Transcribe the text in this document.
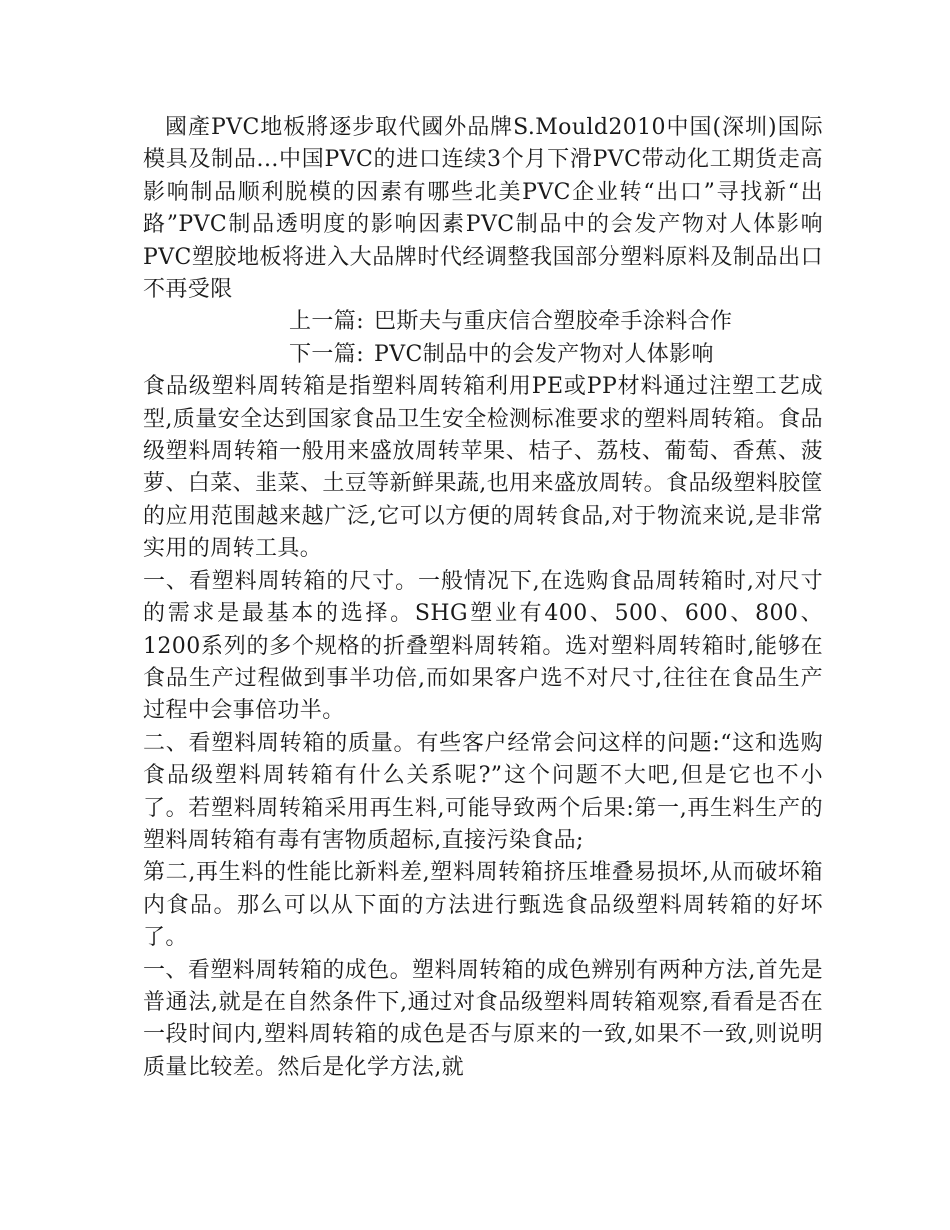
國產PVC地板將逐步取代國外品牌S.Mould2010中国(深圳)国际模具及制品...中国PVC的进口连续3个月下滑PVC带动化工期货走高影响制品顺利脱模的因素有哪些北美PVC企业转“出口”寻找新“出路”PVC制品透明度的影响因素PVC制品中的会发产物对人体影响PVC塑胶地板将进入大品牌时代经调整我国部分塑料原料及制品出口不再受限

上一篇: 巴斯夫与重庆信合塑胶牵手涂料合作

下一篇: PVC制品中的会发产物对人体影响

食品级塑料周转箱是指塑料周转箱利用PE或PP材料通过注塑工艺成型,质量安全达到国家食品卫生安全检测标准要求的塑料周转箱。食品级塑料周转箱一般用来盛放周转苹果、桔子、荔枝、葡萄、香蕉、菠萝、白菜、韭菜、土豆等新鲜果蔬,也用来盛放周转。食品级塑料胶筐的应用范围越来越广泛,它可以方便的周转食品,对于物流来说,是非常实用的周转工具。

一、看塑料周转箱的尺寸。一般情况下,在选购食品周转箱时,对尺寸的需求是最基本的选择。SHG塑业有400、500、600、800、1200系列的多个规格的折叠塑料周转箱。选对塑料周转箱时,能够在食品生产过程做到事半功倍,而如果客户选不对尺寸,往往在食品生产过程中会事倍功半。

二、看塑料周转箱的质量。有些客户经常会问这样的问题:“这和选购食品级塑料周转箱有什么关系呢?”这个问题不大吧,但是它也不小了。若塑料周转箱采用再生料,可能导致两个后果:第一,再生料生产的塑料周转箱有毒有害物质超标,直接污染食品;

第二,再生料的性能比新料差,塑料周转箱挤压堆叠易损坏,从而破坏箱内食品。那么可以从下面的方法进行甄选食品级塑料周转箱的好坏了。

一、看塑料周转箱的成色。塑料周转箱的成色辨别有两种方法,首先是普通法,就是在自然条件下,通过对食品级塑料周转箱观察,看看是否在一段时间内,塑料周转箱的成色是否与原来的一致,如果不一致,则说明质量比较差。然后是化学方法,就
